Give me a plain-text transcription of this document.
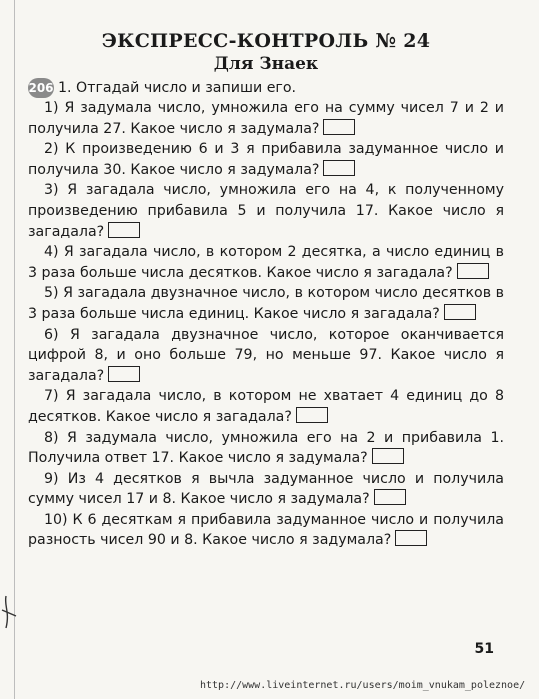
ЭКСПРЕСС-КОНТРОЛЬ № 24
Для Знаек
206 1. Отгадай число и запиши его.

1) Я задумала число, умножила его на сумму чисел 7 и 2 и получила 27. Какое число я задумала?

2) К произведению 6 и 3 я прибавила задуманное число и получила 30. Какое число я задумала?

3) Я загадала число, умножила его на 4, к полученному произведению прибавила 5 и получила 17. Какое число я загадала?

4) Я загадала число, в котором 2 десятка, а число единиц в 3 раза больше числа десятков. Какое число я загадала?

5) Я загадала двузначное число, в котором число десятков в 3 раза больше числа единиц. Какое число я загадала?

6) Я загадала двузначное число, которое оканчивается цифрой 8, и оно больше 79, но меньше 97. Какое число я загадала?

7) Я загадала число, в котором не хватает 4 единиц до 8 десятков. Какое число я загадала?

8) Я задумала число, умножила его на 2 и прибавила 1. Получила ответ 17. Какое число я задумала?

9) Из 4 десятков я вычла задуманное число и получила сумму чисел 17 и 8. Какое число я задумала?

10) К 6 десяткам я прибавила задуманное число и получила разность чисел 90 и 8. Какое число я задумала?

51
http://www.liveinternet.ru/users/moim_vnukam_poleznoe/
